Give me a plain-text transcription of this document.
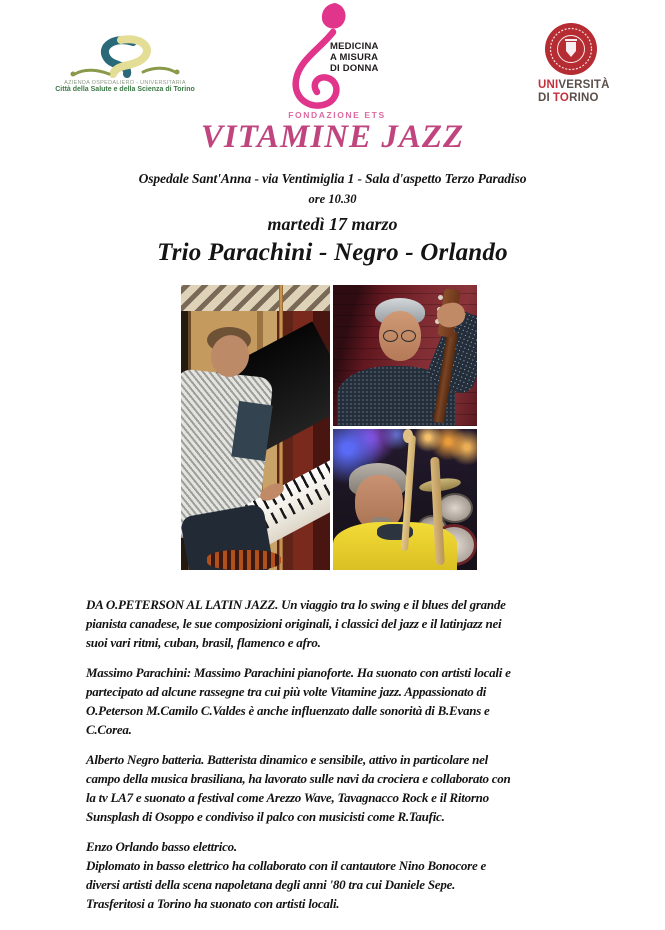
AZIENDA OSPEDALIERO - UNIVERSITARIA
Città della Salute e della Scienza di Torino
MEDICINA
A MISURA
DI DONNA
FONDAZIONE ETS
UNIVERSITÀ
DI TORINO
VITAMINE JAZZ
Ospedale Sant'Anna - via Ventimiglia 1 - Sala d'aspetto Terzo Paradiso
ore 10.30
martedì 17 marzo
Trio Parachini - Negro - Orlando
DA O.PETERSON AL LATIN JAZZ. Un viaggio tra lo swing e il blues del grande
pianista canadese, le sue composizioni originali, i classici del jazz e il latinjazz nei
suoi vari ritmi, cuban, brasil, flamenco e afro.
Massimo Parachini: Massimo Parachini pianoforte. Ha suonato con artisti locali e
partecipato ad alcune rassegne tra cui più volte Vitamine jazz. Appassionato di
O.Peterson M.Camilo C.Valdes è anche influenzato dalle sonorità di B.Evans e
C.Corea.
Alberto Negro batteria. Batterista dinamico e sensibile, attivo in particolare nel
campo della musica brasiliana, ha lavorato sulle navi da crociera e collaborato con
la tv LA7 e suonato a festival come Arezzo Wave, Tavagnacco Rock e il Ritorno
Sunsplash di Osoppo e condiviso il palco con musicisti come R.Taufic.
Enzo Orlando basso elettrico.
Diplomato in basso elettrico ha collaborato con il cantautore Nino Bonocore e
diversi artisti della scena napoletana degli anni '80 tra cui Daniele Sepe.
Trasferitosi a Torino ha suonato con artisti locali.
